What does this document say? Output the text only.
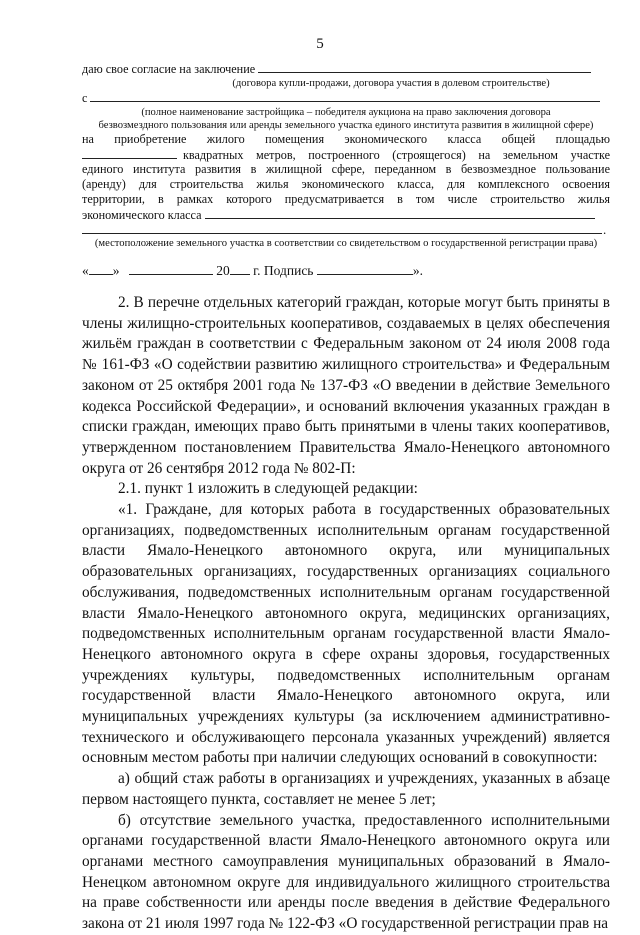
5
даю свое согласие на заключение
(договора купли-продажи, договора участия в долевом строительстве)
с
(полное наименование застройщика – победителя аукциона на право заключения договора
безвозмездного пользования или аренды земельного участка единого института развития в жилищной сфере)
на приобретение жилого помещения экономического класса общей площадью
квадратных метров, построенного (строящегося) на земельном участке
единого института развития в жилищной сфере, переданном в безвозмездное пользование
(аренду) для строительства жилья экономического класса, для комплексного освоения
территории, в рамках которого предусматривается в том числе строительство жилья
экономического класса
.
(местоположение земельного участка в соответствии со свидетельством о государственной регистрации права)
« »	20 г. Подпись	».

2. В перечне отдельных категорий граждан, которые могут быть приняты в члены жилищно-строительных кооперативов, создаваемых в целях обеспечения жильём граждан в соответствии с Федеральным законом от 24 июля 2008 года № 161-ФЗ «О содействии развитию жилищного строительства» и Федеральным законом от 25 октября 2001 года № 137-ФЗ «О введении в действие Земельного кодекса Российской Федерации», и оснований включения указанных граждан в списки граждан, имеющих право быть принятыми в члены таких кооперативов, утвержденном постановлением Правительства Ямало-Ненецкого автономного округа от 26 сентября 2012 года № 802-П:

2.1. пункт 1 изложить в следующей редакции:

«1. Граждане, для которых работа в государственных образовательных организациях, подведомственных исполнительным органам государственной власти Ямало-Ненецкого автономного округа, или муниципальных образовательных организациях, государственных организациях социального обслуживания, подведомственных исполнительным органам государственной власти Ямало-Ненецкого автономного округа, медицинских организациях, подведомственных исполнительным органам государственной власти Ямало-Ненецкого автономного округа в сфере охраны здоровья, государственных учреждениях культуры, подведомственных исполнительным органам государственной власти Ямало-Ненецкого автономного округа, или муниципальных учреждениях культуры (за исключением административно-технического и обслуживающего персонала указанных учреждений) является основным местом работы при наличии следующих оснований в совокупности:

а) общий стаж работы в организациях и учреждениях, указанных в абзаце первом настоящего пункта, составляет не менее 5 лет;

б) отсутствие земельного участка, предоставленного исполнительными органами государственной власти Ямало-Ненецкого автономного округа или органами местного самоуправления муниципальных образований в Ямало-Ненецком автономном округе для индивидуального жилищного строительства на праве собственности или аренды после введения в действие Федерального закона от 21 июля 1997 года № 122-ФЗ «О государственной регистрации прав на
